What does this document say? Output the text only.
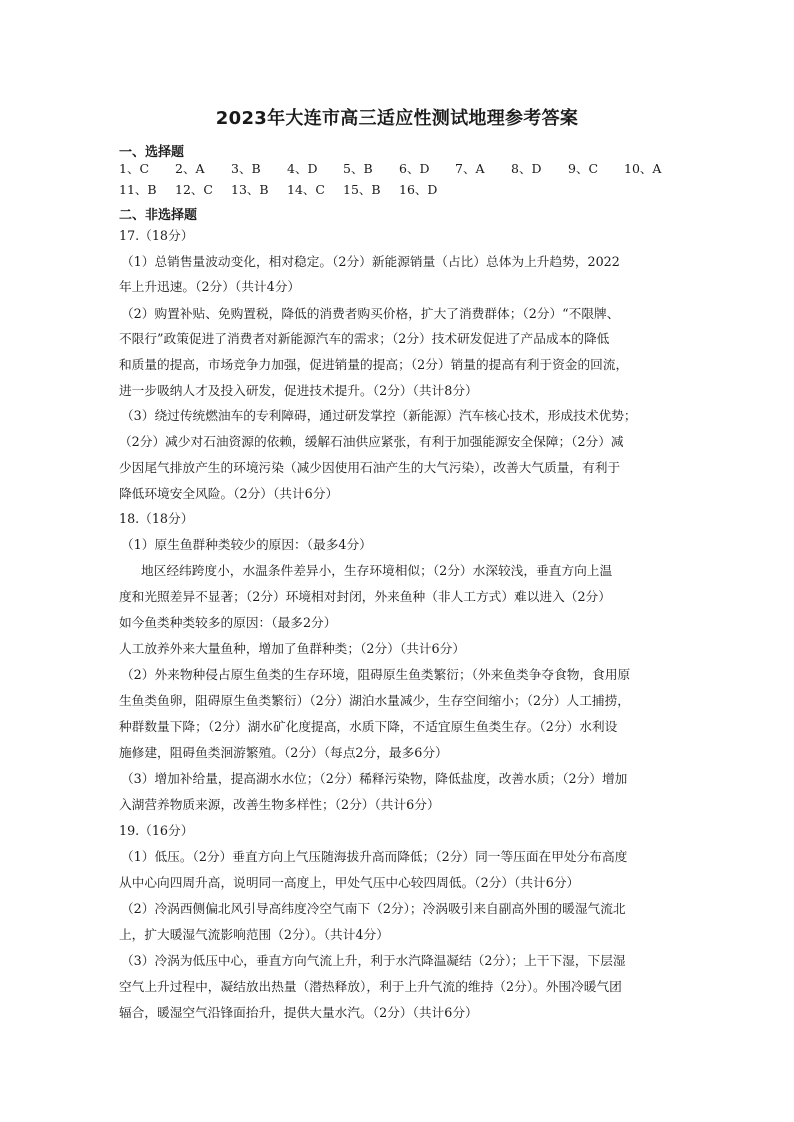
2023年大连市高三适应性测试地理参考答案
一、选择题
1、C 2、A 3、B 4、D 5、B 6、D 7、A 8、D 9、C 10、A
11、B 12、C 13、B 14、C 15、B 16、D
二、非选择题
17.（18分）
（1）总销售量波动变化，相对稳定。（2分）新能源销量（占比）总体为上升趋势，2022
年上升迅速。（2分）（共计4分）
（2）购置补贴、免购置税，降低的消费者购买价格，扩大了消费群体；（2分）“不限牌、
不限行”政策促进了消费者对新能源汽车的需求；（2分）技术研发促进了产品成本的降低
和质量的提高，市场竞争力加强，促进销量的提高；（2分）销量的提高有利于资金的回流，
进一步吸纳人才及投入研发，促进技术提升。（2分）（共计8分）
（3）绕过传统燃油车的专利障碍，通过研发掌控（新能源）汽车核心技术，形成技术优势；
（2分）减少对石油资源的依赖，缓解石油供应紧张，有利于加强能源安全保障；（2分）减
少因尾气排放产生的环境污染（减少因使用石油产生的大气污染），改善大气质量，有利于
降低环境安全风险。（2分）（共计6分）
18.（18分）
（1）原生鱼群种类较少的原因：（最多4分）
地区经纬跨度小，水温条件差异小，生存环境相似；（2分）水深较浅，垂直方向上温
度和光照差异不显著；（2分）环境相对封闭，外来鱼种（非人工方式）难以进入（2分）
如今鱼类种类较多的原因：（最多2分）
人工放养外来大量鱼种，增加了鱼群种类；（2分）（共计6分）
（2）外来物种侵占原生鱼类的生存环境，阻碍原生鱼类繁衍；（外来鱼类争夺食物，食用原
生鱼类鱼卵，阻碍原生鱼类繁衍）（2分）湖泊水量减少，生存空间缩小；（2分）人工捕捞，
种群数量下降；（2分）湖水矿化度提高，水质下降，不适宜原生鱼类生存。（2分）水利设
施修建，阻碍鱼类洄游繁殖。（2分）（每点2分，最多6分）
（3）增加补给量，提高湖水水位；（2分）稀释污染物，降低盐度，改善水质；（2分）增加
入湖营养物质来源，改善生物多样性；（2分）（共计6分）
19.（16分）
（1）低压。（2分）垂直方向上气压随海拔升高而降低；（2分）同一等压面在甲处分布高度
从中心向四周升高，说明同一高度上，甲处气压中心较四周低。（2分）（共计6分）
（2）冷涡西侧偏北风引导高纬度冷空气南下（2分）；冷涡吸引来自副高外围的暖湿气流北
上，扩大暖湿气流影响范围（2分）。（共计4分）
（3）冷涡为低压中心，垂直方向气流上升，利于水汽降温凝结（2分）；上干下湿，下层湿
空气上升过程中，凝结放出热量（潜热释放），利于上升气流的维持（2分）。外围冷暖气团
辐合，暖湿空气沿锋面抬升，提供大量水汽。（2分）（共计6分）
